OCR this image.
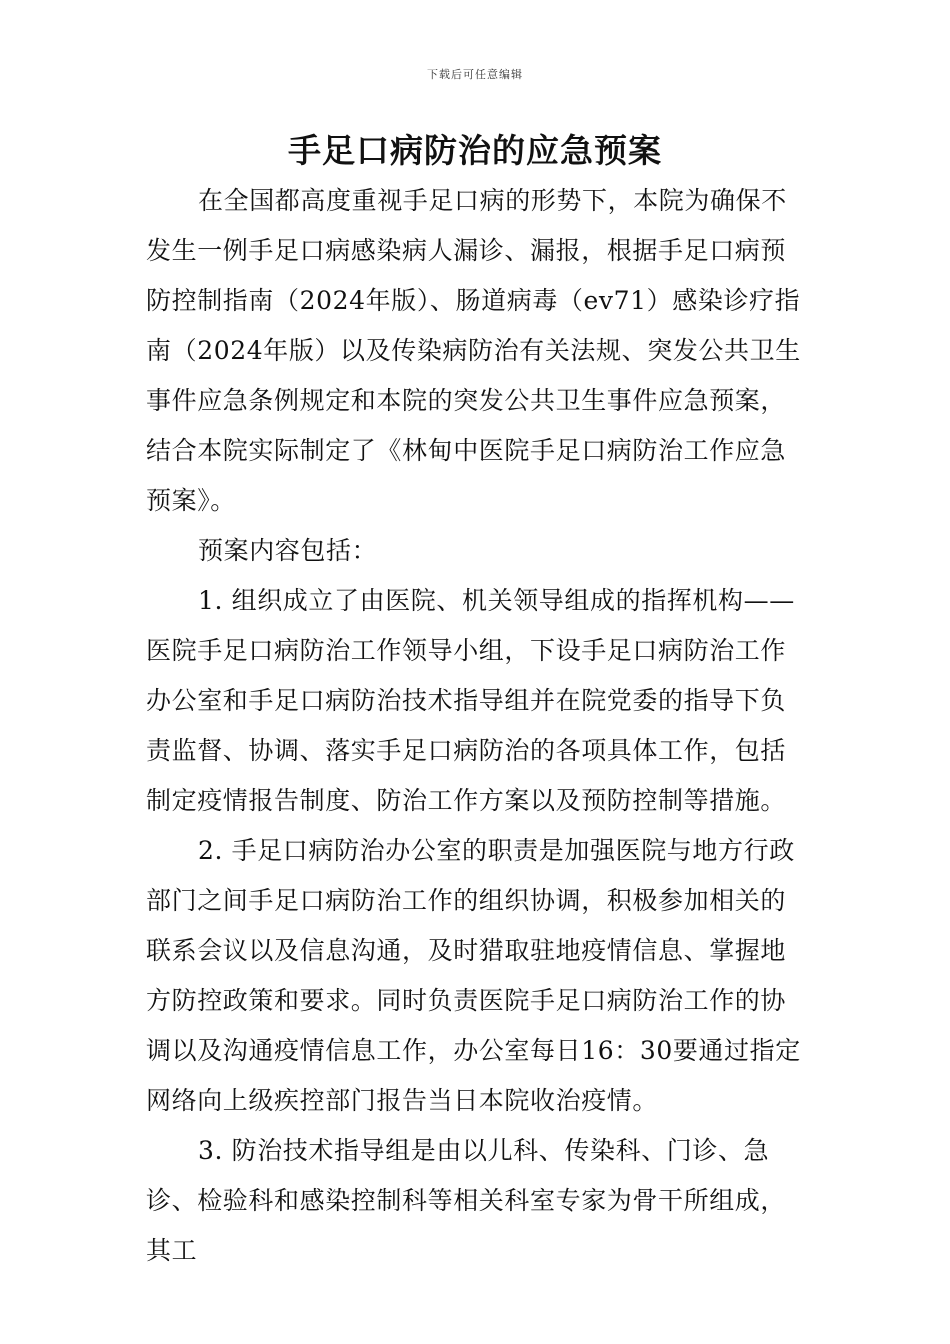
下载后可任意编辑
手足口病防治的应急预案

在全国都高度重视手足口病的形势下，本院为确保不发生一例手足口病感染病人漏诊、漏报，根据手足口病预防控制指南（2024年版）、肠道病毒（ev71）感染诊疗指南（2024年版）以及传染病防治有关法规、突发公共卫生事件应急条例规定和本院的突发公共卫生事件应急预案，结合本院实际制定了《林甸中医院手足口病防治工作应急预案》。

预案内容包括：

1. 组织成立了由医院、机关领导组成的指挥机构——医院手足口病防治工作领导小组，下设手足口病防治工作办公室和手足口病防治技术指导组并在院党委的指导下负责监督、协调、落实手足口病防治的各项具体工作，包括制定疫情报告制度、防治工作方案以及预防控制等措施。

2. 手足口病防治办公室的职责是加强医院与地方行政部门之间手足口病防治工作的组织协调，积极参加相关的联系会议以及信息沟通，及时猎取驻地疫情信息、掌握地方防控政策和要求。同时负责医院手足口病防治工作的协调以及沟通疫情信息工作，办公室每日16：30要通过指定网络向上级疾控部门报告当日本院收治疫情。

3. 防治技术指导组是由以儿科、传染科、门诊、急诊、检验科和感染控制科等相关科室专家为骨干所组成，其工
